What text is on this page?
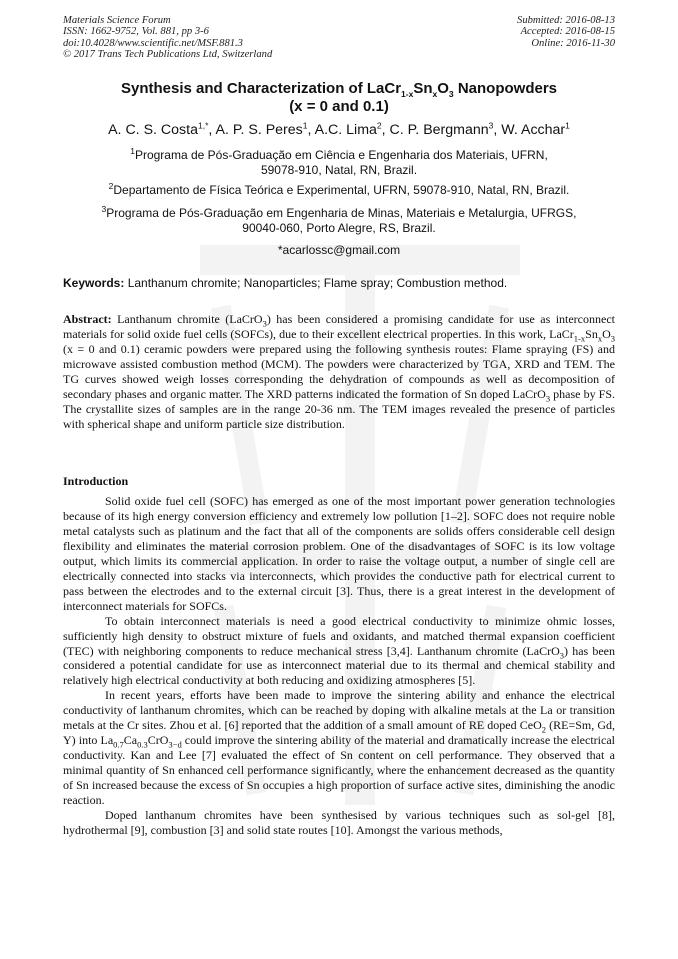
Materials Science Forum
ISSN: 1662-9752, Vol. 881, pp 3-6
doi:10.4028/www.scientific.net/MSF.881.3
© 2017 Trans Tech Publications Ltd, Switzerland
Submitted: 2016-08-13
Accepted: 2016-08-15
Online: 2016-11-30
Synthesis and Characterization of $LaCr_{1-x}Sn_xO_3$ Nanopowders
(x = 0 and 0.1)
A. C. S. Costa$^{1,*}$, A. P. S. Peres$^1$, A.C. Lima$^2$, C. P. Bergmann$^3$, W. Acchar$^1$
$^1$Programa de Pós-Graduação em Ciência e Engenharia dos Materiais, UFRN,
59078-910, Natal, RN, Brazil.
$^2$Departamento de Física Teórica e Experimental, UFRN, 59078-910, Natal, RN, Brazil.
$^3$Programa de Pós-Graduação em Engenharia de Minas, Materiais e Metalurgia, UFRGS,
90040-060, Porto Alegre, RS, Brazil.
*acarlossc@gmail.com
Keywords: Lanthanum chromite; Nanoparticles; Flame spray; Combustion method.
Abstract: Lanthanum chromite (LaCrO$_3$) has been considered a promising candidate for use as interconnect materials for solid oxide fuel cells (SOFCs), due to their excellent electrical properties. In this work, $LaCr_{1-x}Sn_xO_3$ (x = 0 and 0.1) ceramic powders were prepared using the following synthesis routes: Flame spraying (FS) and microwave assisted combustion method (MCM). The powders were characterized by TGA, XRD and TEM. The TG curves showed weigh losses corresponding the dehydration of compounds as well as decomposition of secondary phases and organic matter. The XRD patterns indicated the formation of Sn doped LaCrO$_3$ phase by FS. The crystallite sizes of samples are in the range 20-36 nm. The TEM images revealed the presence of particles with spherical shape and uniform particle size distribution.
Introduction

Solid oxide fuel cell (SOFC) has emerged as one of the most important power generation technologies because of its high energy conversion efficiency and extremely low pollution [1–2]. SOFC does not require noble metal catalysts such as platinum and the fact that all of the components are solids offers considerable cell design flexibility and eliminates the material corrosion problem. One of the disadvantages of SOFC is its low voltage output, which limits its commercial application. In order to raise the voltage output, a number of single cell are electrically connected into stacks via interconnects, which provides the conductive path for electrical current to pass between the electrodes and to the external circuit [3]. Thus, there is a great interest in the development of interconnect materials for SOFCs.

To obtain interconnect materials is need a good electrical conductivity to minimize ohmic losses, sufficiently high density to obstruct mixture of fuels and oxidants, and matched thermal expansion coefficient (TEC) with neighboring components to reduce mechanical stress [3,4]. Lanthanum chromite (LaCrO$_3$) has been considered a potential candidate for use as interconnect material due to its thermal and chemical stability and relatively high electrical conductivity at both reducing and oxidizing atmospheres [5].

In recent years, efforts have been made to improve the sintering ability and enhance the electrical conductivity of lanthanum chromites, which can be reached by doping with alkaline metals at the La or transition metals at the Cr sites. Zhou et al. [6] reported that the addition of a small amount of RE doped CeO$_2$ (RE=Sm, Gd, Y) into $La_{0.7}Ca_{0.3}CrO_{3-d}$ could improve the sintering ability of the material and dramatically increase the electrical conductivity. Kan and Lee [7] evaluated the effect of Sn content on cell performance. They observed that a minimal quantity of Sn enhanced cell performance significantly, where the enhancement decreased as the quantity of Sn increased because the excess of Sn occupies a high proportion of surface active sites, diminishing the anodic reaction.

Doped lanthanum chromites have been synthesised by various techniques such as sol-gel [8], hydrothermal [9], combustion [3] and solid state routes [10]. Amongst the various methods,
